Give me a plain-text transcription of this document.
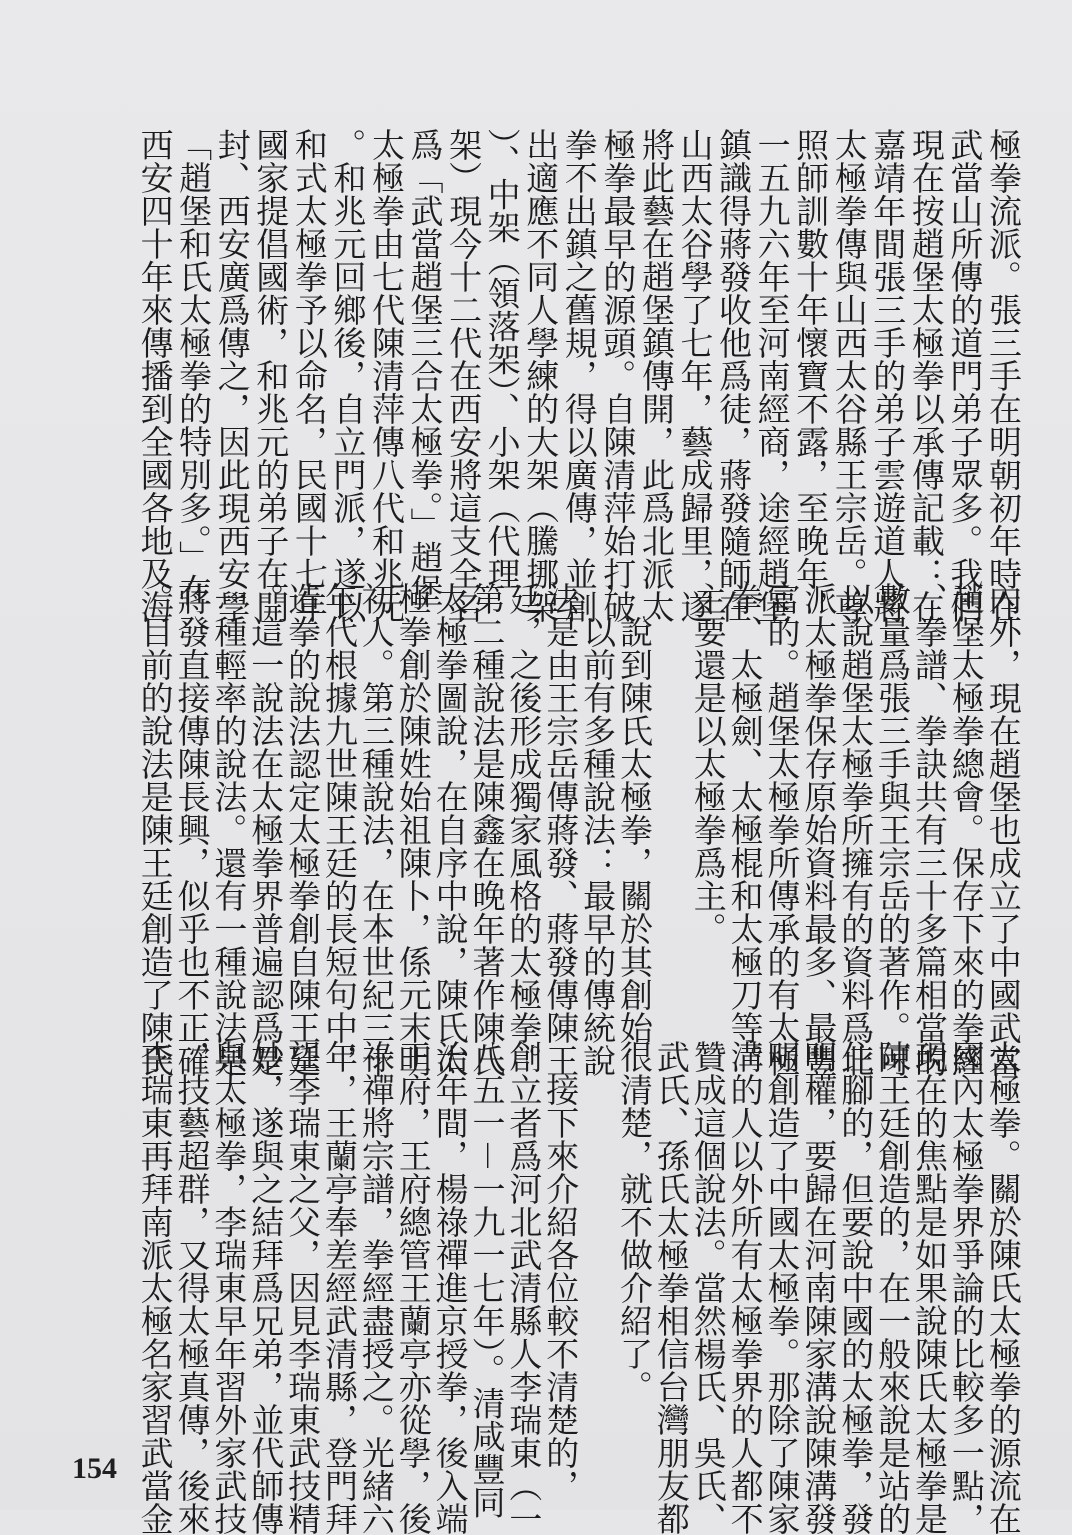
極拳流派。張三手在明朝初年時在
武當山所傳的道門弟子眾多。我們
現在按趙堡太極拳以承傳記載：在
嘉靖年間張三手的弟子雲遊道人將
太極拳傳與山西太谷縣王宗岳。尊
照師訓數十年懷寶不露，至晚年，
一五九六年至河南經商，途經趙堡
鎮識得蔣發收他爲徒，蔣發隨師在
山西太谷學了七年，藝成歸里，遂
將此藝在趙堡鎮傳開，此爲北派太
極拳最早的源頭。自陳清萍始打破
拳不出鎮之舊規，得以廣傳，並創
出適應不同人學練的大架（騰挪架
）、中架（領落架）、小架（代理
架）現今十二代在西安將這支全名
爲「武當趙堡三合太極拳。」趙堡
太極拳由七代陳清萍傳八代和兆元
。和兆元回鄉後，自立門派，遂以
和式太極拳予以命名，民國十七年
國家提倡國術，和兆元的弟子在開
封、西安廣爲傳之，因此現西安學
「趙堡和氏太極拳的特別多。」在
西安四十年來傳播到全國各地及海
內外，現在趙堡也成立了中國武當
趙堡太極拳總會。保存下來的拳經
、拳譜、拳訣共有三十多篇相當的
數量爲張三手與王宗岳的著作。可
以說趙堡太極拳所擁有的資料爲北
派太極拳保存原始資料最多、最豐
富的。趙堡太極拳所傳承的有太極
拳、太極劍、太極棍和太極刀等。
主要還是以太極拳爲主。
　說到陳氏太極拳，關於其創始
，以前有多種說法：最早的傳統說
法是由王宗岳傳蔣發、蔣發傳陳王
廷，之後形成獨家風格的太極拳。
第二種說法是陳鑫在晚年著作陳氏
太極拳圖說，在自序中說，陳氏太
極拳創於陳姓始祖陳卜，係元末明
初人。第三種說法，在本世紀三十
年代根據九世陳王廷的長短句中，
造拳的說法認定太極拳創自陳王廷
。這一說法在太極拳界普遍認爲是
一種輕率的說法。還有一種說法是
蔣發直接傳陳長興，似乎也不正確
。目前的說法是陳王廷創造了陳氏
太極拳。關於陳氏太極拳的源流在
國內太極拳界爭論的比較多一點，
現在的焦點是如果說陳氏太極拳是
陳王廷創造的，在一般來說是站的
住腳的，但要說中國的太極拳，發
明權，要歸在河南陳家溝說陳溝發
明創造了中國太極拳。那除了陳家
溝的人以外所有太極拳界的人都不
贊成這個說法。當然楊氏、吳氏、
武氏、孫氏太極拳相信台灣朋友都
很清楚，就不做介紹了。
　接下來介紹各位較不清楚的，
創立者爲河北武清縣人李瑞東（一
八五一－一九一七年）。清咸豐同
治年間，楊祿禪進京授拳，後入端
王府，王府總管王蘭亭亦從學，後
祿禪將宗譜，拳經盡授之。光緒六
年，王蘭亭奉差經武清縣，登門拜
望李瑞東之父，因見李瑞東武技精
妙，遂與之結拜爲兄弟，並代師傳
與太極拳，李瑞東早年習外家武技
，技藝超群，又得太極真傳，後來
李瑞東再拜南派太極名家習武當金
154
